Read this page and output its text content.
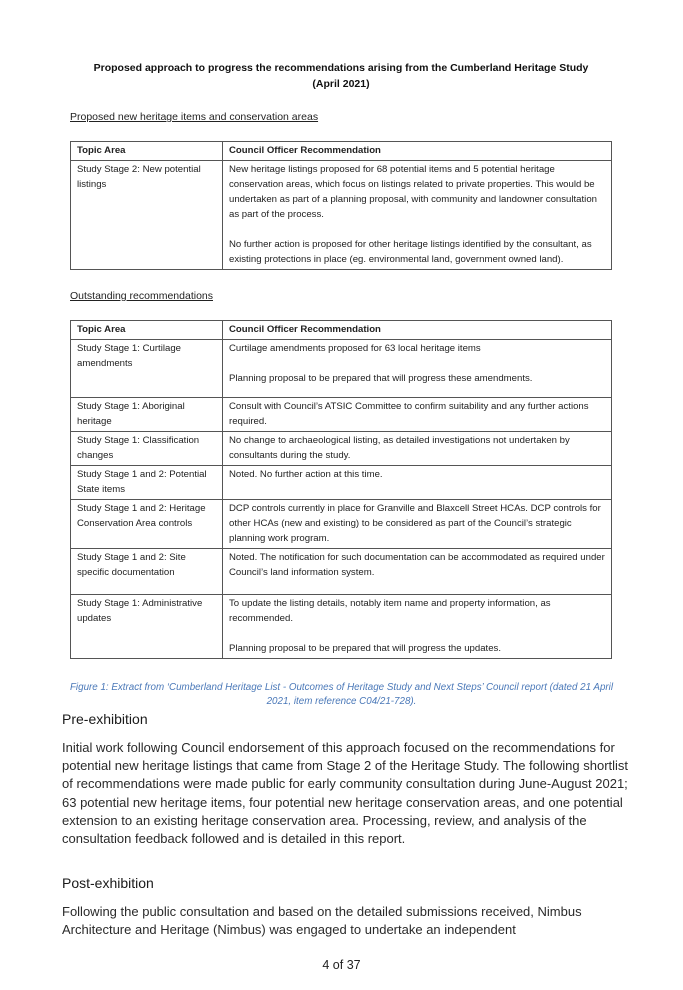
Proposed approach to progress the recommendations arising from the Cumberland Heritage Study
(April 2021)

Proposed new heritage items and conservation areas

Topic Area	Council Officer Recommendation

Study Stage 2: New potential listings	New heritage listings proposed for 68 potential items and 5 potential heritage conservation areas, which focus on listings related to private properties. This would be undertaken as part of a planning proposal, with community and landowner consultation as part of the process.

No further action is proposed for other heritage listings identified by the consultant, as existing protections in place (eg. environmental land, government owned land).

Outstanding recommendations

Topic Area	Council Officer Recommendation

Study Stage 1: Curtilage amendments	Curtilage amendments proposed for 63 local heritage items

Planning proposal to be prepared that will progress these amendments.

Study Stage 1: Aboriginal heritage	Consult with Council’s ATSIC Committee to confirm suitability and any further actions required.

Study Stage 1: Classification changes	No change to archaeological listing, as detailed investigations not undertaken by consultants during the study.

Study Stage 1 and 2: Potential State items	Noted. No further action at this time.

Study Stage 1 and 2: Heritage Conservation Area controls	DCP controls currently in place for Granville and Blaxcell Street HCAs. DCP controls for other HCAs (new and existing) to be considered as part of the Council’s strategic planning work program.

Study Stage 1 and 2: Site specific documentation	Noted. The notification for such documentation can be accommodated as required under Council’s land information system.

Study Stage 1: Administrative updates	To update the listing details, notably item name and property information, as recommended.

Planning proposal to be prepared that will progress the updates.

Figure 1: Extract from ‘Cumberland Heritage List - Outcomes of Heritage Study and Next Steps’ Council report (dated 21 April 2021, item reference C04/21-728).

Pre-exhibition

Initial work following Council endorsement of this approach focused on the recommendations for potential new heritage listings that came from Stage 2 of the Heritage Study. The following shortlist of recommendations were made public for early community consultation during June-August 2021; 63 potential new heritage items, four potential new heritage conservation areas, and one potential extension to an existing heritage conservation area. Processing, review, and analysis of the consultation feedback followed and is detailed in this report.

Post-exhibition

Following the public consultation and based on the detailed submissions received, Nimbus Architecture and Heritage (Nimbus) was engaged to undertake an independent

4 of 37
